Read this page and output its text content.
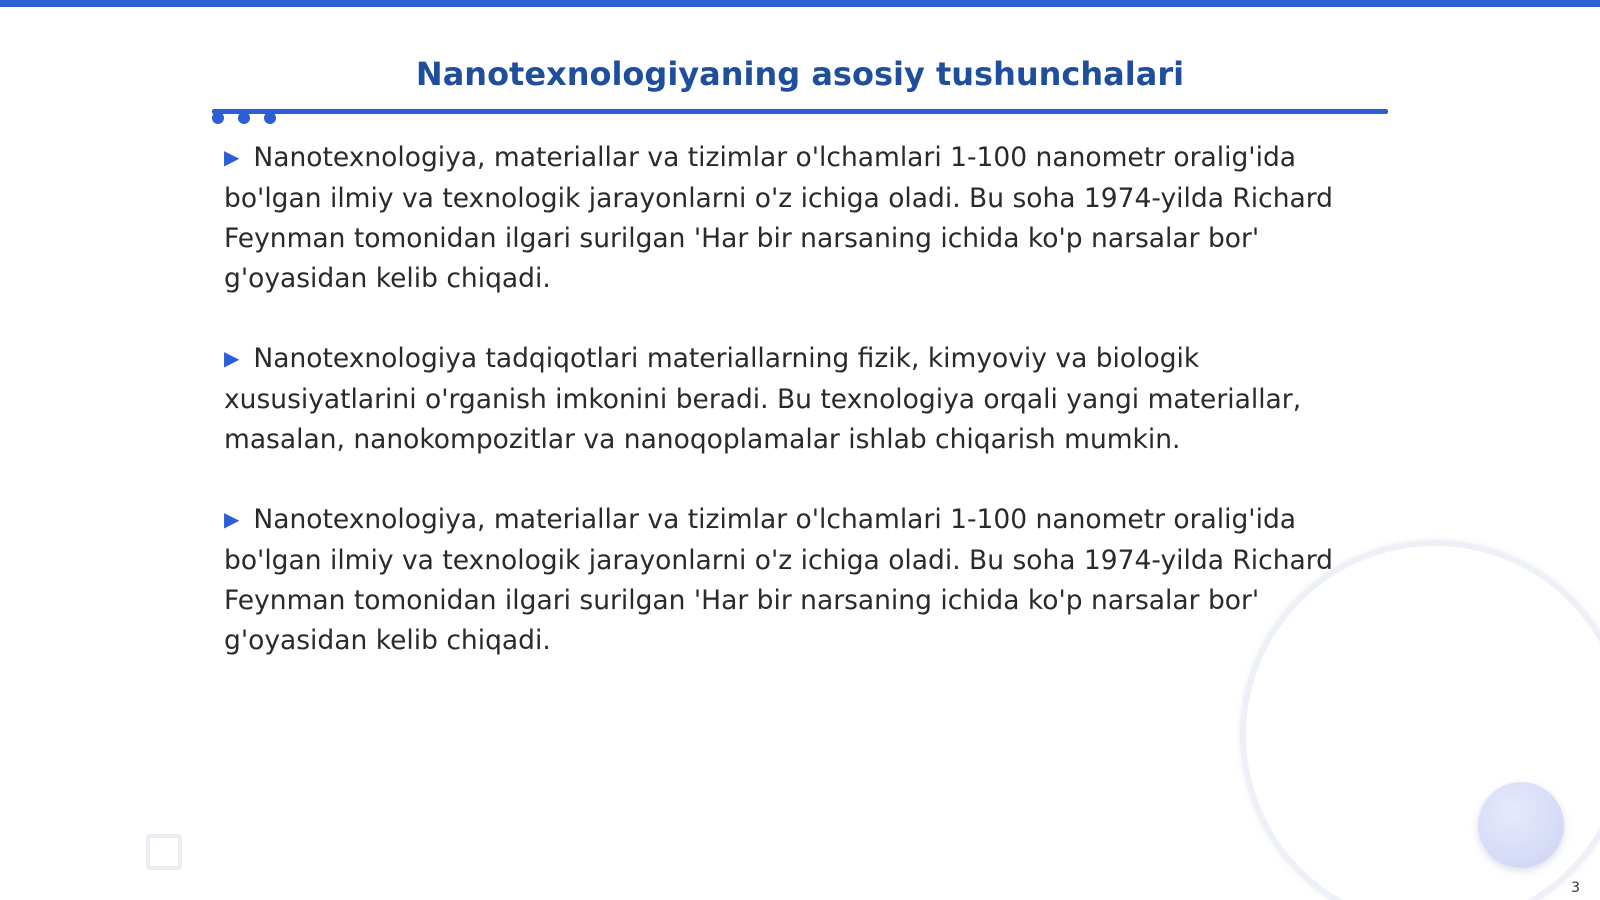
Nanotexnologiyaning asosiy tushunchalari

▶ Nanotexnologiya, materiallar va tizimlar o'lchamlari 1-100 nanometr oralig'ida bo'lgan ilmiy va texnologik jarayonlarni o'z ichiga oladi. Bu soha 1974-yilda Richard Feynman tomonidan ilgari surilgan 'Har bir narsaning ichida ko'p narsalar bor' g'oyasidan kelib chiqadi.

▶ Nanotexnologiya tadqiqotlari materiallarning fizik, kimyoviy va biologik xususiyatlarini o'rganish imkonini beradi. Bu texnologiya orqali yangi materiallar, masalan, nanokompozitlar va nanoqoplamalar ishlab chiqarish mumkin.

▶ Nanotexnologiya, materiallar va tizimlar o'lchamlari 1-100 nanometr oralig'ida bo'lgan ilmiy va texnologik jarayonlarni o'z ichiga oladi. Bu soha 1974-yilda Richard Feynman tomonidan ilgari surilgan 'Har bir narsaning ichida ko'p narsalar bor' g'oyasidan kelib chiqadi.

3
